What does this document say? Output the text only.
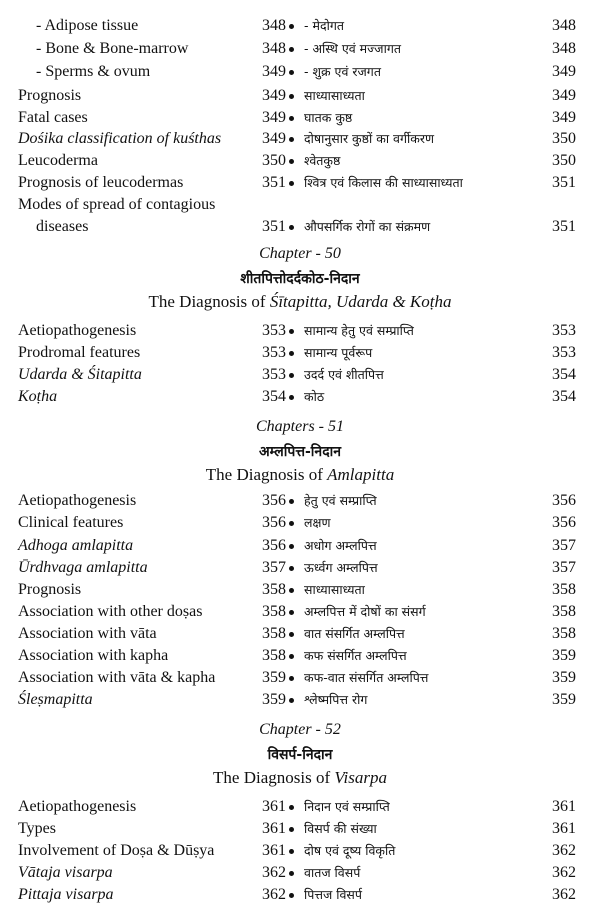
- Adipose tissue	348 - मेदोगत	348
- Bone & Bone-marrow	348 - अस्थि एवं मज्जागत	348
- Sperms & ovum	349 - शुक्र एवं रजगत	349
Prognosis	349 साध्यासाध्यता	349
Fatal cases	349 घातक कुष्ठ	349
Dośika classification of kuśthas	349 दोषानुसार कुष्ठों का वर्गीकरण	350
Leucoderma	350 श्वेतकुष्ठ	350
Prognosis of leucodermas	351 श्वित्र एवं किलास की साध्यासाध्यता	351
Modes of spread of contagious
diseases	351 औपसर्गिक रोगों का संक्रमण	351
Chapter - 50
शीतपित्तोदर्दकोठ-निदान
The Diagnosis of Śītapitta, Udarda & Koṭha
Aetiopathogenesis	353 सामान्य हेतु एवं सम्प्राप्ति	353
Prodromal features	353 सामान्य पूर्वरूप	353
Udarda & Śitapitta	353 उदर्द एवं शीतपित्त	354
Koṭha	354 कोठ	354
Chapters - 51
अम्लपित्त-निदान
The Diagnosis of Amlapitta
Aetiopathogenesis	356 हेतु एवं सम्प्राप्ति	356
Clinical features	356 लक्षण	356
Adhoga amlapitta	356 अधोग अम्लपित्त	357
Ūrdhvaga amlapitta	357 ऊर्ध्वग अम्लपित्त	357
Prognosis	358 साध्यासाध्यता	358
Association with other doṣas	358 अम्लपित्त में दोषों का संसर्ग	358
Association with vāta	358 वात संसर्गित अम्लपित्त	358
Association with kapha	358 कफ संसर्गित अम्लपित्त	359
Association with vāta & kapha	359 कफ-वात संसर्गित अम्लपित्त	359
Śleṣmapitta	359 श्लेष्मपित्त रोग	359
Chapter - 52
विसर्प-निदान
The Diagnosis of Visarpa
Aetiopathogenesis	361 निदान एवं सम्प्राप्ति	361
Types	361 विसर्प की संख्या	361
Involvement of Doṣa & Dūṣya	361 दोष एवं दूष्य विकृति	362
Vātaja visarpa	362 वातज विसर्प	362
Pittaja visarpa	362 पित्तज विसर्प	362
